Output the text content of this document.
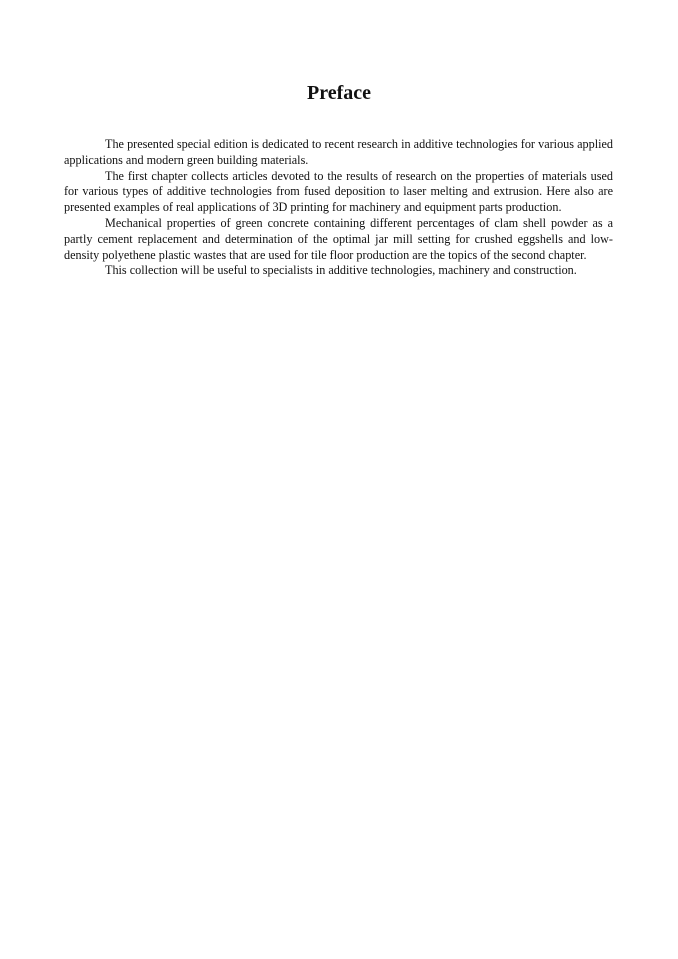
Preface

The presented special edition is dedicated to recent research in additive technologies for various applied applications and modern green building materials.

The first chapter collects articles devoted to the results of research on the properties of materials used for various types of additive technologies from fused deposition to laser melting and extrusion. Here also are presented examples of real applications of 3D printing for machinery and equipment parts production.

Mechanical properties of green concrete containing different percentages of clam shell powder as a partly cement replacement and determination of the optimal jar mill setting for crushed eggshells and low-density polyethene plastic wastes that are used for tile floor production are the topics of the second chapter.

This collection will be useful to specialists in additive technologies, machinery and construction.
